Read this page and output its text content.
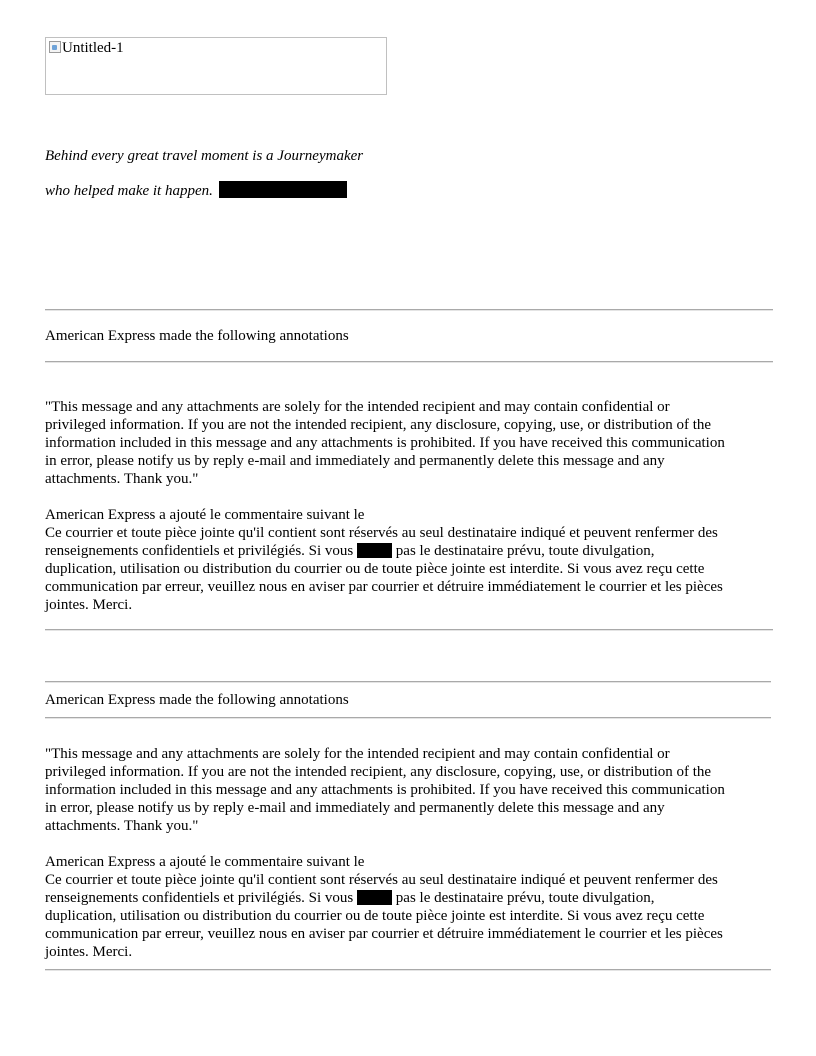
Untitled-1
Behind every great travel moment is a Journeymaker
who helped make it happen.
American Express made the following annotations
"This message and any attachments are solely for the intended recipient and may contain confidential or
privileged information. If you are not the intended recipient, any disclosure, copying, use, or distribution of the
information included in this message and any attachments is prohibited. If you have received this communication
in error, please notify us by reply e-mail and immediately and permanently delete this message and any
attachments. Thank you."
American Express a ajouté le commentaire suivant le
Ce courrier et toute pièce jointe qu'il contient sont réservés au seul destinataire indiqué et peuvent renfermer des
renseignements confidentiels et privilégiés. Si vous	pas le destinataire prévu, toute divulgation,
duplication, utilisation ou distribution du courrier ou de toute pièce jointe est interdite. Si vous avez reçu cette
communication par erreur, veuillez nous en aviser par courrier et détruire immédiatement le courrier et les pièces
jointes. Merci.
American Express made the following annotations
"This message and any attachments are solely for the intended recipient and may contain confidential or
privileged information. If you are not the intended recipient, any disclosure, copying, use, or distribution of the
information included in this message and any attachments is prohibited. If you have received this communication
in error, please notify us by reply e-mail and immediately and permanently delete this message and any
attachments. Thank you."
American Express a ajouté le commentaire suivant le
Ce courrier et toute pièce jointe qu'il contient sont réservés au seul destinataire indiqué et peuvent renfermer des
renseignements confidentiels et privilégiés. Si vous	pas le destinataire prévu, toute divulgation,
duplication, utilisation ou distribution du courrier ou de toute pièce jointe est interdite. Si vous avez reçu cette
communication par erreur, veuillez nous en aviser par courrier et détruire immédiatement le courrier et les pièces
jointes. Merci.
